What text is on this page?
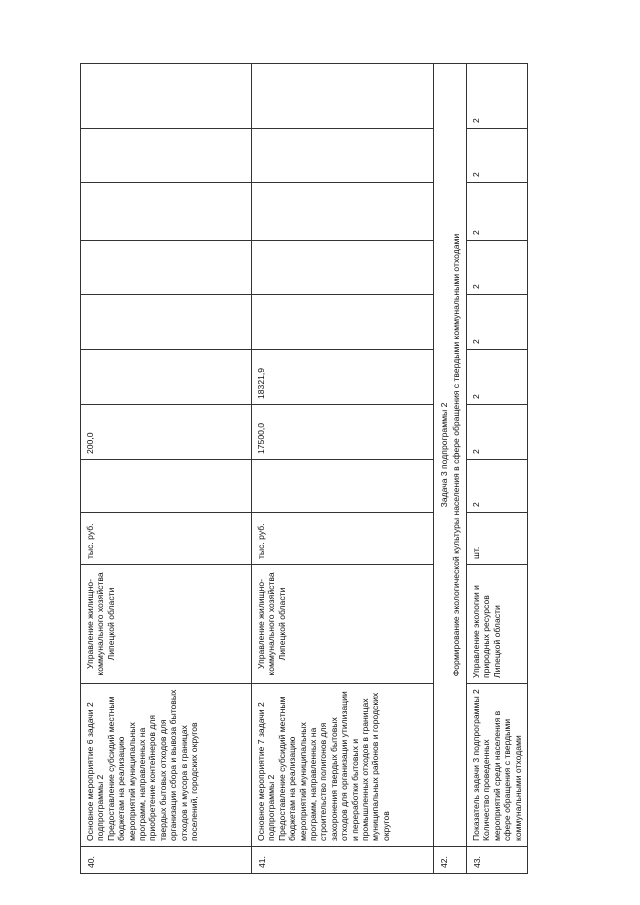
40.	Основное мероприятие 6 задачи 2 подпрограммы 2
Предоставление субсидий местным бюджетам на реализацию мероприятий муниципальных программ, направленных на приобретение контейнеров для твердых бытовых отходов для организации сбора и вывоза бытовых отходов и мусора в границах поселений, городских округов	Управление жилищно-коммунального хозяйства Липецкой области	тыс. руб.		200,0						
41.	Основное мероприятие 7 задачи 2 подпрограммы 2
Предоставление субсидий местным бюджетам на реализацию мероприятий муниципальных программ, направленных на строительство полигонов для захоронения твердых бытовых отходов для организации утилизации и переработки бытовых и промышленных отходов в границах муниципальных районов и городских округов	Управление жилищно-коммунального хозяйства Липецкой области	тыс. руб.		17500,0	18321,9					
42.	Задача 3 подпрограммы 2 Формирование экологической культуры населения в сфере обращения с твердыми коммунальными отходами										

43.	Показатель задачи 3 подпрограммы 2
Количество проведенных мероприятий среди населения в сфере обращения с твердыми коммунальными отходами	Управление экологии и природных ресурсов Липецкой области	шт.	2	2	2	2	2	2	2	2
